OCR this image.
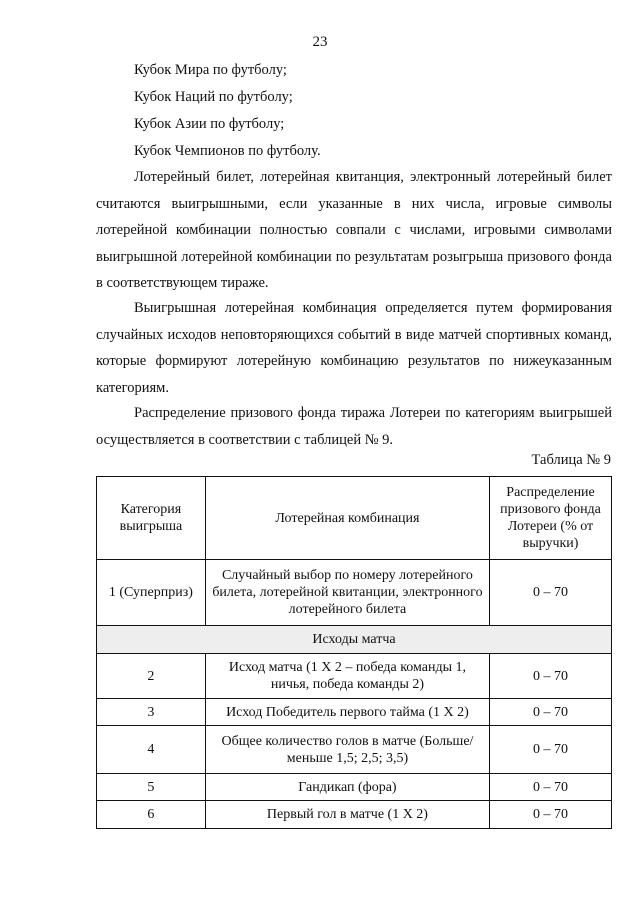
23
Кубок Мира по футболу;
Кубок Наций по футболу;
Кубок Азии по футболу;
Кубок Чемпионов по футболу.
Лотерейный билет, лотерейная квитанция, электронный лотерейный билет считаются выигрышными, если указанные в них числа, игровые символы лотерейной комбинации полностью совпали с числами, игровыми символами выигрышной лотерейной комбинации по результатам розыгрыша призового фонда в соответствующем тираже.
Выигрышная лотерейная комбинация определяется путем формирования случайных исходов неповторяющихся событий в виде матчей спортивных команд, которые формируют лотерейную комбинацию результатов по нижеуказанным категориям.
Распределение призового фонда тиража Лотереи по категориям выигрышей осуществляется в соответствии с таблицей № 9.
Таблица № 9
Категория выигрыша	Лотерейная комбинация	Распределение призового фонда Лотереи (% от выручки)
1 (Суперприз)	Случайный выбор по номеру лотерейного билета, лотерейной квитанции, электронного лотерейного билета	0 – 70
Исходы матча		
2	Исход матча (1 X 2 – победа команды 1, ничья, победа команды 2)	0 – 70
3	Исход Победитель первого тайма (1 X 2)	0 – 70
4	Общее количество голов в матче (Больше/меньше 1,5; 2,5; 3,5)	0 – 70
5	Гандикап (фора)	0 – 70
6	Первый гол в матче (1 X 2)	0 – 70
